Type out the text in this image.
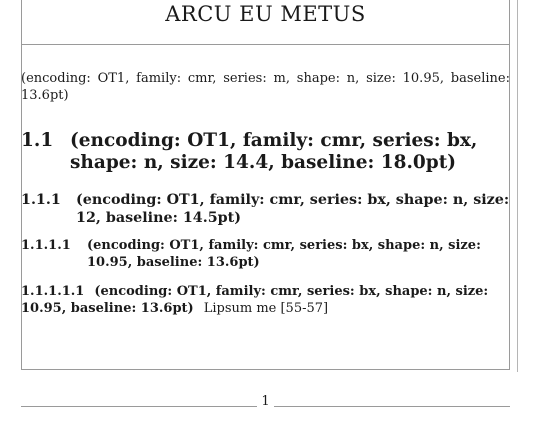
ARCU EU METUS
(encoding: OT1, family: cmr, series: m, shape: n, size: 10.95, baseline: 13.6pt)
1.1 (encoding: OT1, family: cmr, series: bx, shape: n, size: 14.4, baseline: 18.0pt)
1.1.1	(encoding: OT1, family: cmr, series: bx, shape: n, size: 12, baseline: 14.5pt)
1.1.1.1	(encoding: OT1, family: cmr, series: bx, shape: n, size: 10.95, baseline: 13.6pt)
1.1.1.1.1 (encoding: OT1, family: cmr, series: bx, shape: n, size: 10.95, baseline: 13.6pt) Lipsum me [55-57]
1
